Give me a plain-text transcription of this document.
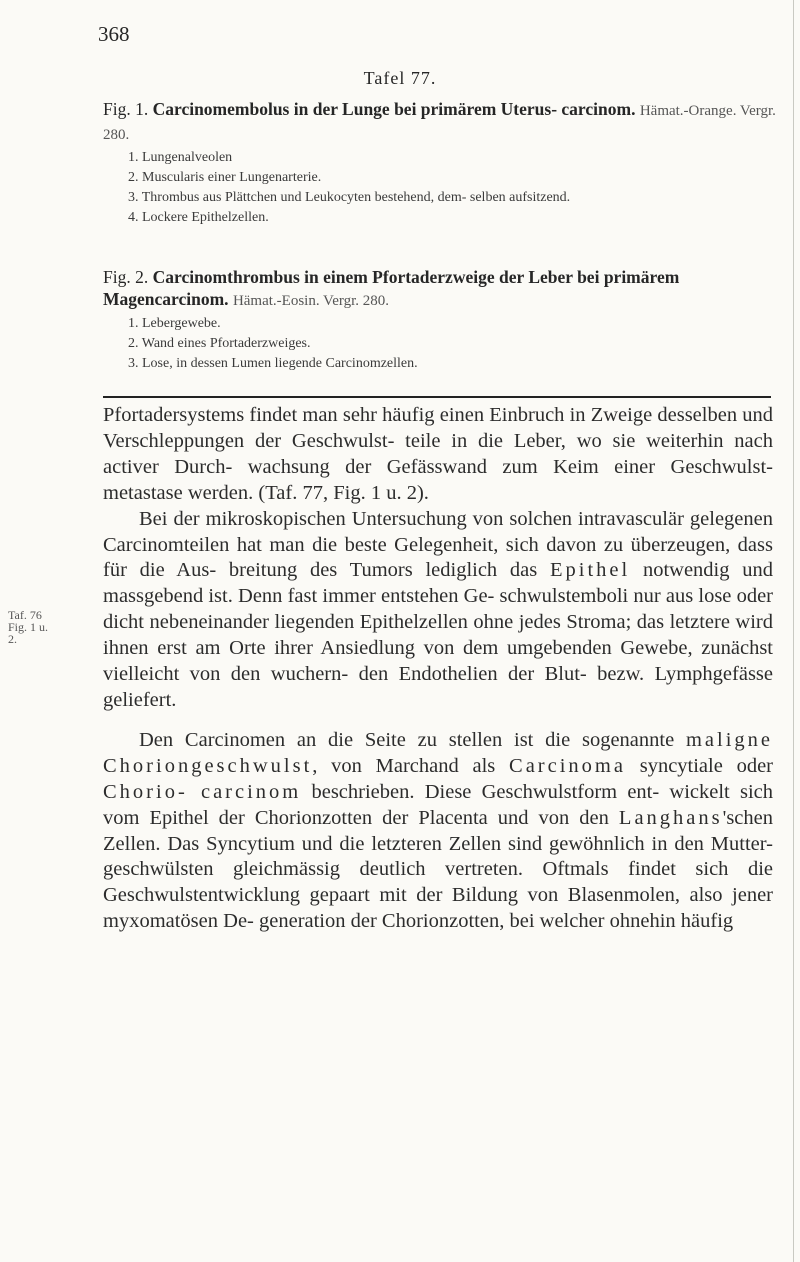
368
Tafel 77.

Fig. 1. Carcinomembolus in der Lunge bei primärem Uterus- carcinom. Hämat.-Orange. Vergr. 280.

1. Lungenalveolen
2. Muscularis einer Lungenarterie.
3. Thrombus aus Plättchen und Leukocyten bestehend, dem- selben aufsitzend.
4. Lockere Epithelzellen.

Fig. 2. Carcinomthrombus in einem Pfortaderzweige der Leber bei primärem Magencarcinom. Hämat.-Eosin. Vergr. 280.

1. Lebergewebe.
2. Wand eines Pfortaderzweiges.
3. Lose, in dessen Lumen liegende Carcinomzellen.
Taf. 76
Fig. 1 u. 2.

Pfortadersystems findet man sehr häufig einen Einbruch in Zweige desselben und Verschleppungen der Geschwulst- teile in die Leber, wo sie weiterhin nach activer Durch- wachsung der Gefässwand zum Keim einer Geschwulst- metastase werden. (Taf. 77, Fig. 1 u. 2).

Bei der mikroskopischen Untersuchung von solchen intravasculär gelegenen Carcinomteilen hat man die beste Gelegenheit, sich davon zu überzeugen, dass für die Aus- breitung des Tumors lediglich das Epithel notwendig und massgebend ist. Denn fast immer entstehen Ge- schwulstemboli nur aus lose oder dicht nebeneinander liegenden Epithelzellen ohne jedes Stroma; das letztere wird ihnen erst am Orte ihrer Ansiedlung von dem umgebenden Gewebe, zunächst vielleicht von den wuchern- den Endothelien der Blut- bezw. Lymphgefässe geliefert.

Den Carcinomen an die Seite zu stellen ist die sogenannte maligne Choriongeschwulst, von Marchand als Carcinoma syncytiale oder Chorio- carcinom beschrieben. Diese Geschwulstform ent- wickelt sich vom Epithel der Chorionzotten der Placenta und von den Langhans'schen Zellen. Das Syncytium und die letzteren Zellen sind gewöhnlich in den Mutter- geschwülsten gleichmässig deutlich vertreten. Oftmals findet sich die Geschwulstentwicklung gepaart mit der Bildung von Blasenmolen, also jener myxomatösen De- generation der Chorionzotten, bei welcher ohnehin häufig
